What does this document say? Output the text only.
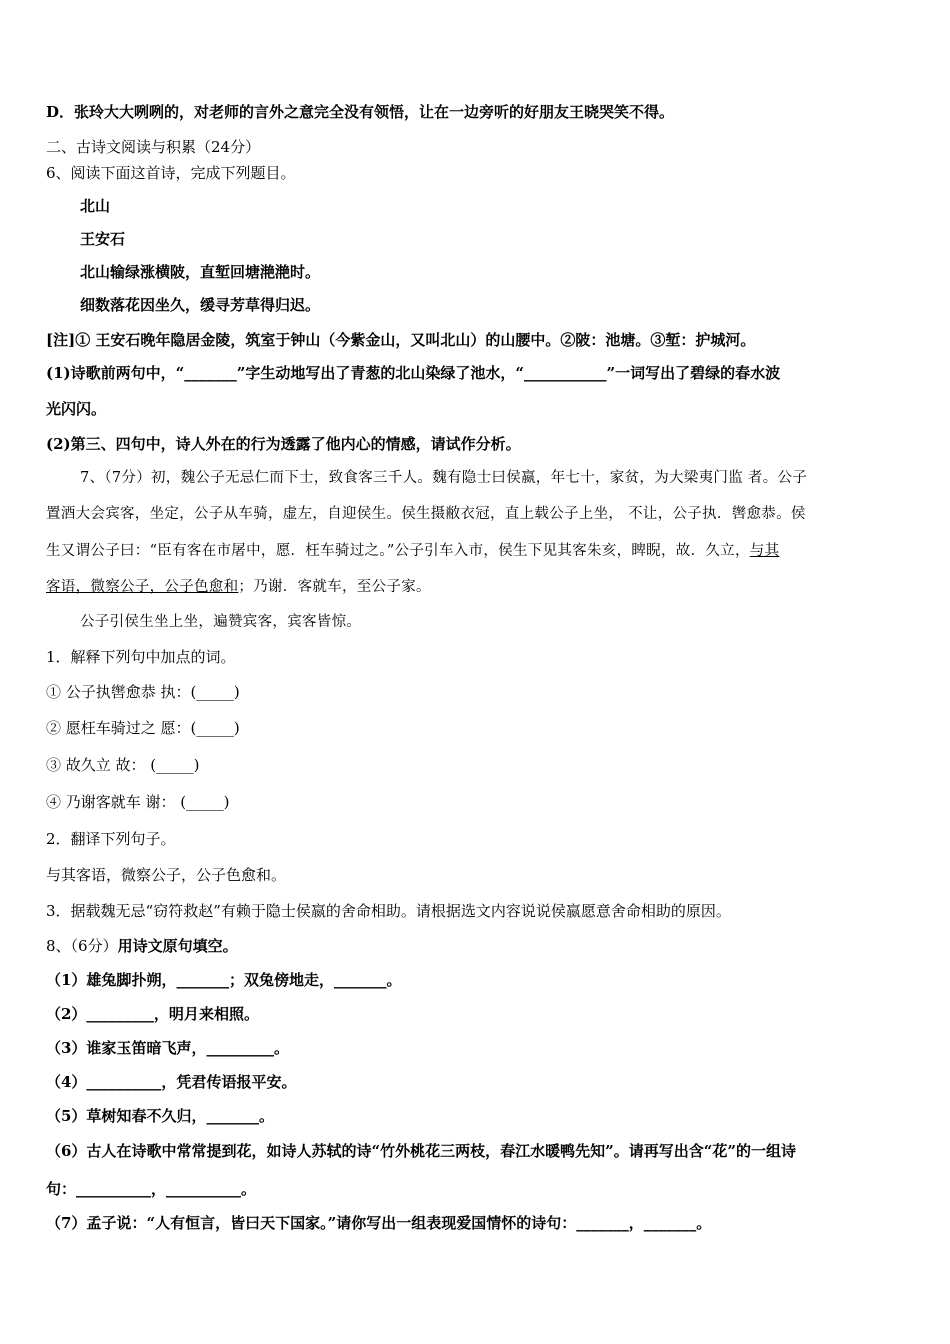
D．张玲大大咧咧的，对老师的言外之意完全没有领悟，让在一边旁听的好朋友王晓哭笑不得。
二、古诗文阅读与积累（24分）
6、阅读下面这首诗，完成下列题目。
北山
王安石
北山输绿涨横陂，直堑回塘滟滟时。
细数落花因坐久，缓寻芳草得归迟。
[注]① 王安石晚年隐居金陵，筑室于钟山（今紫金山，又叫北山）的山腰中。②陂：池塘。③堑：护城河。
(1)诗歌前两句中，“_______”字生动地写出了青葱的北山染绿了池水，“___________”一词写出了碧绿的春水波
光闪闪。
(2)第三、四句中，诗人外在的行为透露了他内心的情感，请试作分析。
7、（7分）初，魏公子无忌仁而下士，致食客三千人。魏有隐士曰侯嬴，年七十，家贫，为大梁夷门监 者。公子
置酒大会宾客，坐定，公子从车骑，虚左，自迎侯生。侯生摄敝衣冠，直上载公子上坐， 不让，公子执．辔愈恭。侯
生又谓公子曰：“臣有客在市屠中，愿．枉车骑过之。”公子引车入市，侯生下见其客朱亥，睥睨，故．久立，与其
客语，微察公子，公子色愈和；乃谢．客就车，至公子家。
公子引侯生坐上坐，遍赞宾客，宾客皆惊。
1．解释下列句中加点的词。
① 公子执辔愈恭 执：(_____)
② 愿枉车骑过之 愿：(_____)
③ 故久立 故： (_____)
④ 乃谢客就车 谢： (_____)
2．翻译下列句子。
与其客语，微察公子，公子色愈和。
3．据载魏无忌“窃符救赵”有赖于隐士侯嬴的舍命相助。请根据选文内容说说侯嬴愿意舍命相助的原因。
8、（6分）用诗文原句填空。
（1）雄兔脚扑朔，_______；双兔傍地走，_______。
（2）_________，明月来相照。
（3）谁家玉笛暗飞声，_________。
（4）__________，凭君传语报平安。
（5）草树知春不久归，_______。
（6）古人在诗歌中常常提到花，如诗人苏轼的诗“竹外桃花三两枝，春江水暖鸭先知”。请再写出含“花”的一组诗
句：__________，__________。
（7）孟子说：“人有恒言，皆曰天下国家。”请你写出一组表现爱国情怀的诗句：_______，_______。
